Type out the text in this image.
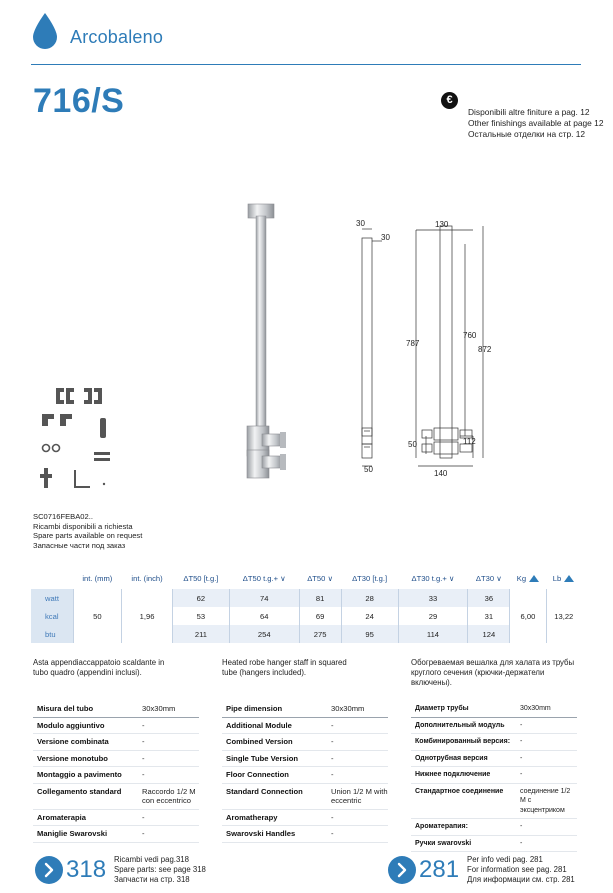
Arcobaleno
716/S	€
Disponibili altre finiture a pag. 12
Other finishings available at page 12
Остальные отделки на стр. 12
30
30
130
787
760
872
50	112
50	140
SC0716FEBA02..
Ricambi disponibili a richiesta
Spare parts available on request
Запасные части под заказ
	int. (mm)	int. (inch)	ΔT50 [t.g.]	ΔT50 t.g.+ ∨	ΔT50 ∨	ΔT30 [t.g.]	ΔT30 t.g.+ ∨	ΔT30 ∨	Kg	Lb
watt	50	1,96	62	74	81	28	33	36	6,00	13,22
kcal			53	64	69	24	29	31		
btu			211	254	275	95	114	124		
Asta appendiaccappatoio scaldante in
tubo quadro (appendini inclusi).
Heated robe hanger staff in squared
tube (hangers included).
Обогреваемая вешалка для халата из трубы
круглого сечения (крючки-держатели включены).
Misura del tubo	30x30mm
Modulo aggiuntivo	-
Versione combinata	-
Versione monotubo	-
Montaggio a pavimento	-
Collegamento standard	Raccordo 1/2 M con eccentrico
Aromaterapia	-
Maniglie Swarovski	-
Pipe dimension	30x30mm
Additional Module	-
Combined Version	-
Single Tube Version	-
Floor Connection	-
Standard Connection	Union 1/2 M with eccentric
Aromatherapy	-
Swarovski Handles	-
Диаметр трубы	30x30mm
Дополнительный модуль	-
Комбинированный версия:	-
Однотрубная версия	-
Нижнее подключение	-
Стандартное соединение	соединение 1/2 М с эксцентриком
Ароматерапия:	-
Ручки swarovski	-
318 Ricambi vedi pag.318
Spare parts: see page 318
Запчасти на стр. 318	281 Per info vedi pag. 281
For information see pag. 281
Для информации см. стр. 281
